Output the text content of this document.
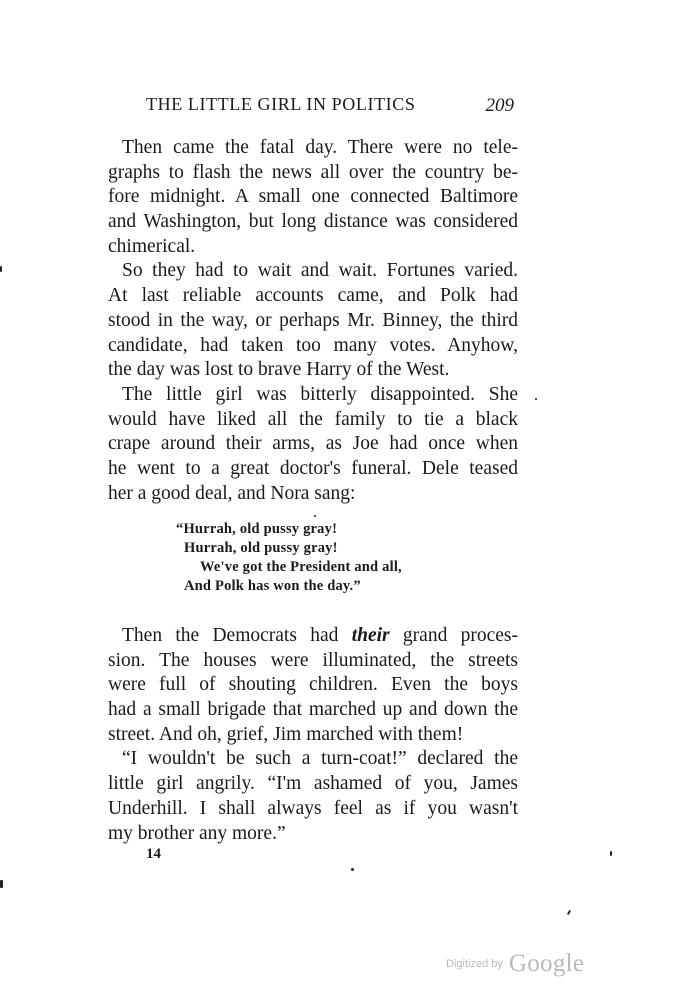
THE LITTLE GIRL IN POLITICS	209
Then came the fatal day. There were no tele-
graphs to flash the news all over the country be-
fore midnight. A small one connected Baltimore
and Washington, but long distance was considered
chimerical.
So they had to wait and wait. Fortunes varied.
At last reliable accounts came, and Polk had
stood in the way, or perhaps Mr. Binney, the third
candidate, had taken too many votes. Anyhow,
the day was lost to brave Harry of the West.
The little girl was bitterly disappointed. She
would have liked all the family to tie a black
crape around their arms, as Joe had once when
he went to a great doctor's funeral. Dele teased
her a good deal, and Nora sang:
“Hurrah, old pussy gray!
Hurrah, old pussy gray!
We've got the President and all,
And Polk has won the day.”
Then the Democrats had their grand proces-
sion. The houses were illuminated, the streets
were full of shouting children. Even the boys
had a small brigade that marched up and down the
street. And oh, grief, Jim marched with them!
“I wouldn't be such a turn-coat!” declared the
little girl angrily. “I'm ashamed of you, James
Underhill. I shall always feel as if you wasn't
my brother any more.”
14
$^{Digitized by}$ Google
